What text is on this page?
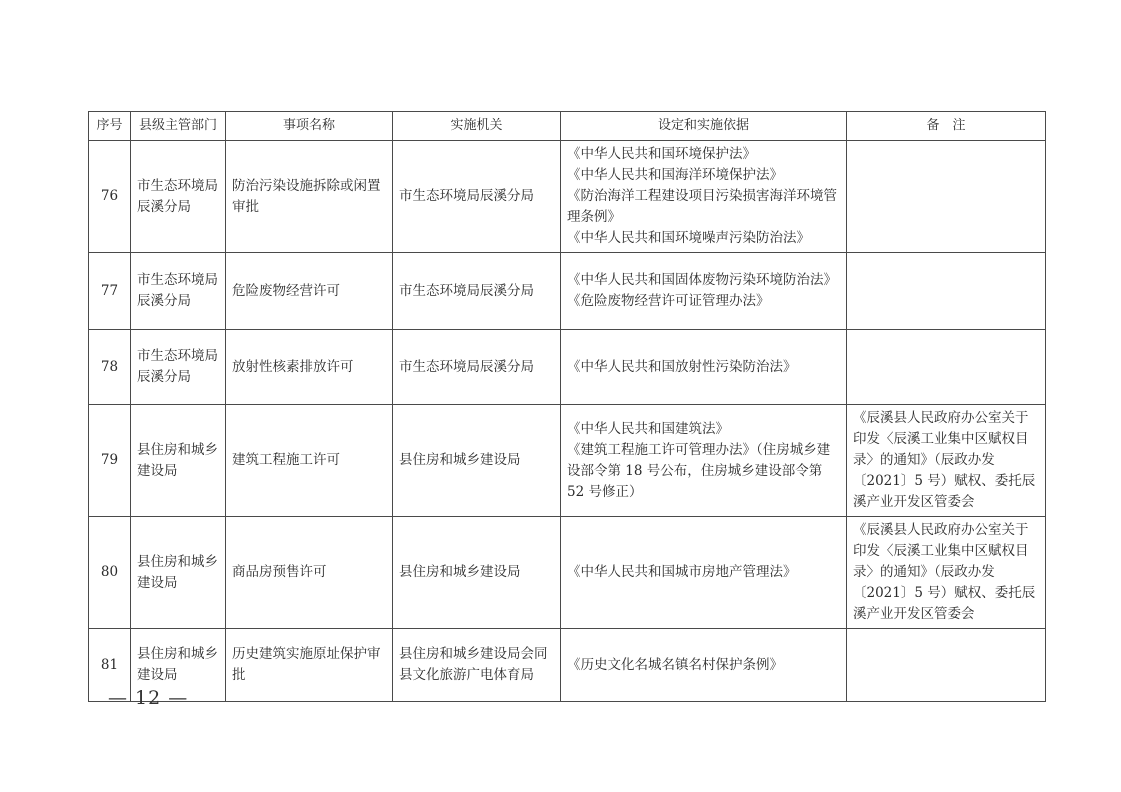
序号	县级主管部门	事项名称	实施机关	设定和实施依据	备　注
76	市生态环境局辰溪分局	防治污染设施拆除或闲置审批	市生态环境局辰溪分局	《中华人民共和国环境保护法》
《中华人民共和国海洋环境保护法》
《防治海洋工程建设项目污染损害海洋环境管理条例》
《中华人民共和国环境噪声污染防治法》	

77	市生态环境局辰溪分局	危险废物经营许可	市生态环境局辰溪分局	《中华人民共和国固体废物污染环境防治法》
《危险废物经营许可证管理办法》	

78	市生态环境局辰溪分局	放射性核素排放许可	市生态环境局辰溪分局	《中华人民共和国放射性污染防治法》	

79	县住房和城乡建设局	建筑工程施工许可	县住房和城乡建设局	《中华人民共和国建筑法》
《建筑工程施工许可管理办法》（住房城乡建设部令第 18 号公布，住房城乡建设部令第 52 号修正）	《辰溪县人民政府办公室关于印发〈辰溪工业集中区赋权目录〉的通知》（辰政办发〔2021〕5 号）赋权、委托辰溪产业开发区管委会
80	县住房和城乡建设局	商品房预售许可	县住房和城乡建设局	《中华人民共和国城市房地产管理法》	《辰溪县人民政府办公室关于印发〈辰溪工业集中区赋权目录〉的通知》（辰政办发〔2021〕5 号）赋权、委托辰溪产业开发区管委会
81	县住房和城乡建设局	历史建筑实施原址保护审批	县住房和城乡建设局会同县文化旅游广电体育局	《历史文化名城名镇名村保护条例》	

— 12 —
